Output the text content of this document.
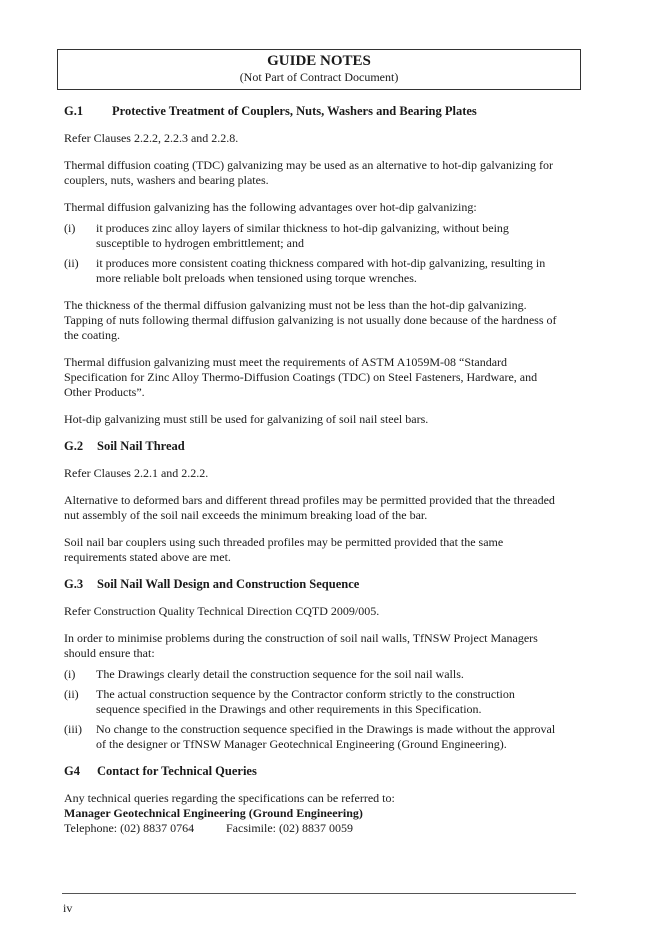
GUIDE NOTES
(Not Part of Contract Document)
G.1 Protective Treatment of Couplers, Nuts, Washers and Bearing Plates

Refer Clauses 2.2.2, 2.2.3 and 2.2.8.

Thermal diffusion coating (TDC) galvanizing may be used as an alternative to hot-dip galvanizing for
couplers, nuts, washers and bearing plates.

Thermal diffusion galvanizing has the following advantages over hot-dip galvanizing:

(i)	it produces zinc alloy layers of similar thickness to hot-dip galvanizing, without being
susceptible to hydrogen embrittlement; and
(ii)	it produces more consistent coating thickness compared with hot-dip galvanizing, resulting in
more reliable bolt preloads when tensioned using torque wrenches.

The thickness of the thermal diffusion galvanizing must not be less than the hot-dip galvanizing.
Tapping of nuts following thermal diffusion galvanizing is not usually done because of the hardness of
the coating.

Thermal diffusion galvanizing must meet the requirements of ASTM A1059M-08 “Standard
Specification for Zinc Alloy Thermo-Diffusion Coatings (TDC) on Steel Fasteners, Hardware, and
Other Products”.

Hot-dip galvanizing must still be used for galvanizing of soil nail steel bars.

G.2 Soil Nail Thread

Refer Clauses 2.2.1 and 2.2.2.

Alternative to deformed bars and different thread profiles may be permitted provided that the threaded
nut assembly of the soil nail exceeds the minimum breaking load of the bar.

Soil nail bar couplers using such threaded profiles may be permitted provided that the same
requirements stated above are met.

G.3 Soil Nail Wall Design and Construction Sequence

Refer Construction Quality Technical Direction CQTD 2009/005.

In order to minimise problems during the construction of soil nail walls, TfNSW Project Managers
should ensure that:

(i)	The Drawings clearly detail the construction sequence for the soil nail walls.
(ii)	The actual construction sequence by the Contractor conform strictly to the construction
sequence specified in the Drawings and other requirements in this Specification.
(iii)	No change to the construction sequence specified in the Drawings is made without the approval
of the designer or TfNSW Manager Geotechnical Engineering (Ground Engineering).
G4 Contact for Technical Queries

Any technical queries regarding the specifications can be referred to:

Manager Geotechnical Engineering (Ground Engineering)

Telephone: (02) 8837 0764	Facsimile: (02) 8837 0059

iv
